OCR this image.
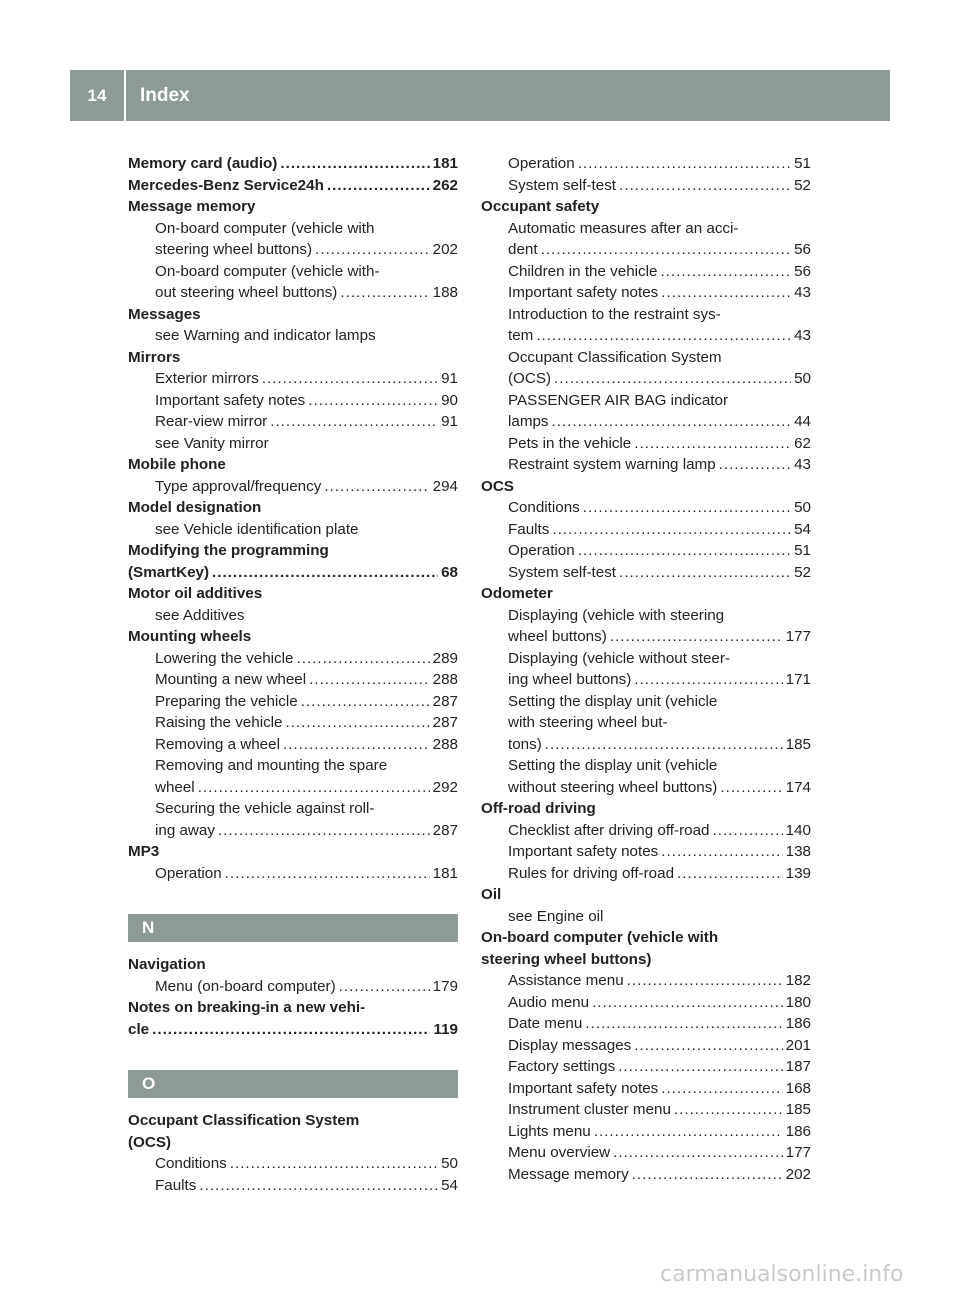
14	Index
Memory card (audio) .....	181
Mercedes-Benz Service24h .....	262
Message memory
On-board computer (vehicle with
steering wheel buttons) .....	202
On-board computer (vehicle with-
out steering wheel buttons) .....	188
Messages
see Warning and indicator lamps
Mirrors
Exterior mirrors .....	91
Important safety notes .....	90
Rear-view mirror .....	91
see Vanity mirror
Mobile phone
Type approval/frequency .....	294
Model designation
see Vehicle identification plate
Modifying the programming
(SmartKey) .....	68
Motor oil additives
see Additives
Mounting wheels
Lowering the vehicle .....	289
Mounting a new wheel .....	288
Preparing the vehicle .....	287
Raising the vehicle .....	287
Removing a wheel .....	288
Removing and mounting the spare
wheel .....	292
Securing the vehicle against roll-
ing away .....	287
MP3
Operation .....	181
N
Navigation
Menu (on-board computer) .....	179
Notes on breaking-in a new vehi-
cle .....	119
O
Occupant Classification System
(OCS)
Conditions .....	50
Faults .....	54
Operation .....	51
System self-test .....	52
Occupant safety
Automatic measures after an acci-
dent .....	56
Children in the vehicle .....	56
Important safety notes .....	43
Introduction to the restraint sys-
tem .....	43
Occupant Classification System
(OCS) .....	50
PASSENGER AIR BAG indicator
lamps .....	44
Pets in the vehicle .....	62
Restraint system warning lamp .....	43
OCS
Conditions .....	50
Faults .....	54
Operation .....	51
System self-test .....	52
Odometer
Displaying (vehicle with steering
wheel buttons) .....	177
Displaying (vehicle without steer-
ing wheel buttons) .....	171
Setting the display unit (vehicle
with steering wheel but-
tons) .....	185
Setting the display unit (vehicle
without steering wheel buttons) .....	174
Off-road driving
Checklist after driving off-road .....	140
Important safety notes .....	138
Rules for driving off-road .....	139
Oil
see Engine oil
On-board computer (vehicle with
steering wheel buttons)
Assistance menu .....	182
Audio menu .....	180
Date menu .....	186
Display messages .....	201
Factory settings .....	187
Important safety notes .....	168
Instrument cluster menu .....	185
Lights menu .....	186
Menu overview .....	177
Message memory .....	202
carmanualsonline.info
